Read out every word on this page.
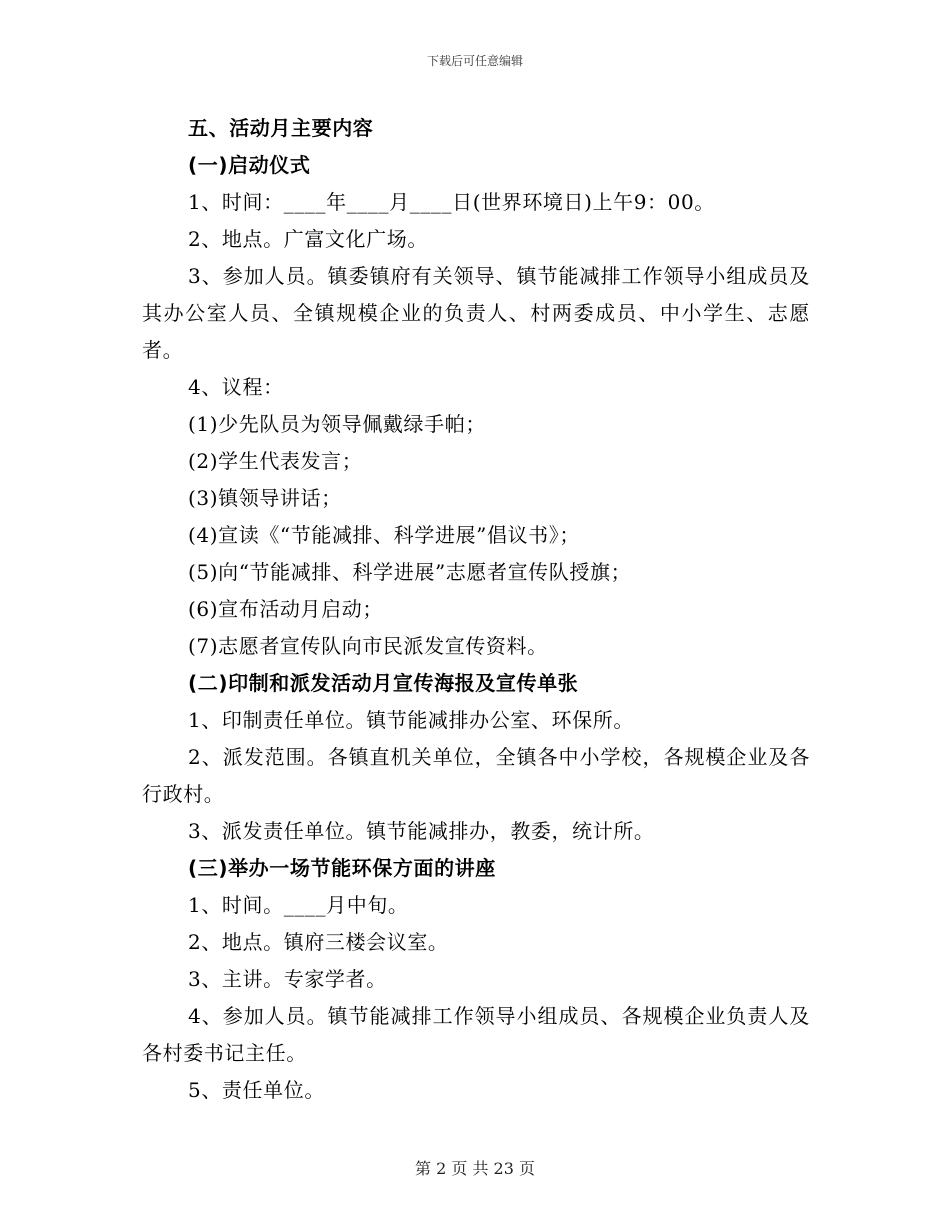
下载后可任意编辑
五、活动月主要内容
(一)启动仪式
1、时间：____年____月____日(世界环境日)上午9：00。
2、地点。广富文化广场。
3、参加人员。镇委镇府有关领导、镇节能减排工作领导小组成员及其办公室人员、全镇规模企业的负责人、村两委成员、中小学生、志愿者。
4、议程：
(1)少先队员为领导佩戴绿手帕；
(2)学生代表发言；
(3)镇领导讲话；
(4)宣读《“节能减排、科学进展”倡议书》；
(5)向“节能减排、科学进展”志愿者宣传队授旗；
(6)宣布活动月启动；
(7)志愿者宣传队向市民派发宣传资料。
(二)印制和派发活动月宣传海报及宣传单张
1、印制责任单位。镇节能减排办公室、环保所。
2、派发范围。各镇直机关单位，全镇各中小学校，各规模企业及各行政村。
3、派发责任单位。镇节能减排办，教委，统计所。
(三)举办一场节能环保方面的讲座
1、时间。____月中旬。
2、地点。镇府三楼会议室。
3、主讲。专家学者。
4、参加人员。镇节能减排工作领导小组成员、各规模企业负责人及各村委书记主任。
5、责任单位。
第 2 页 共 23 页
